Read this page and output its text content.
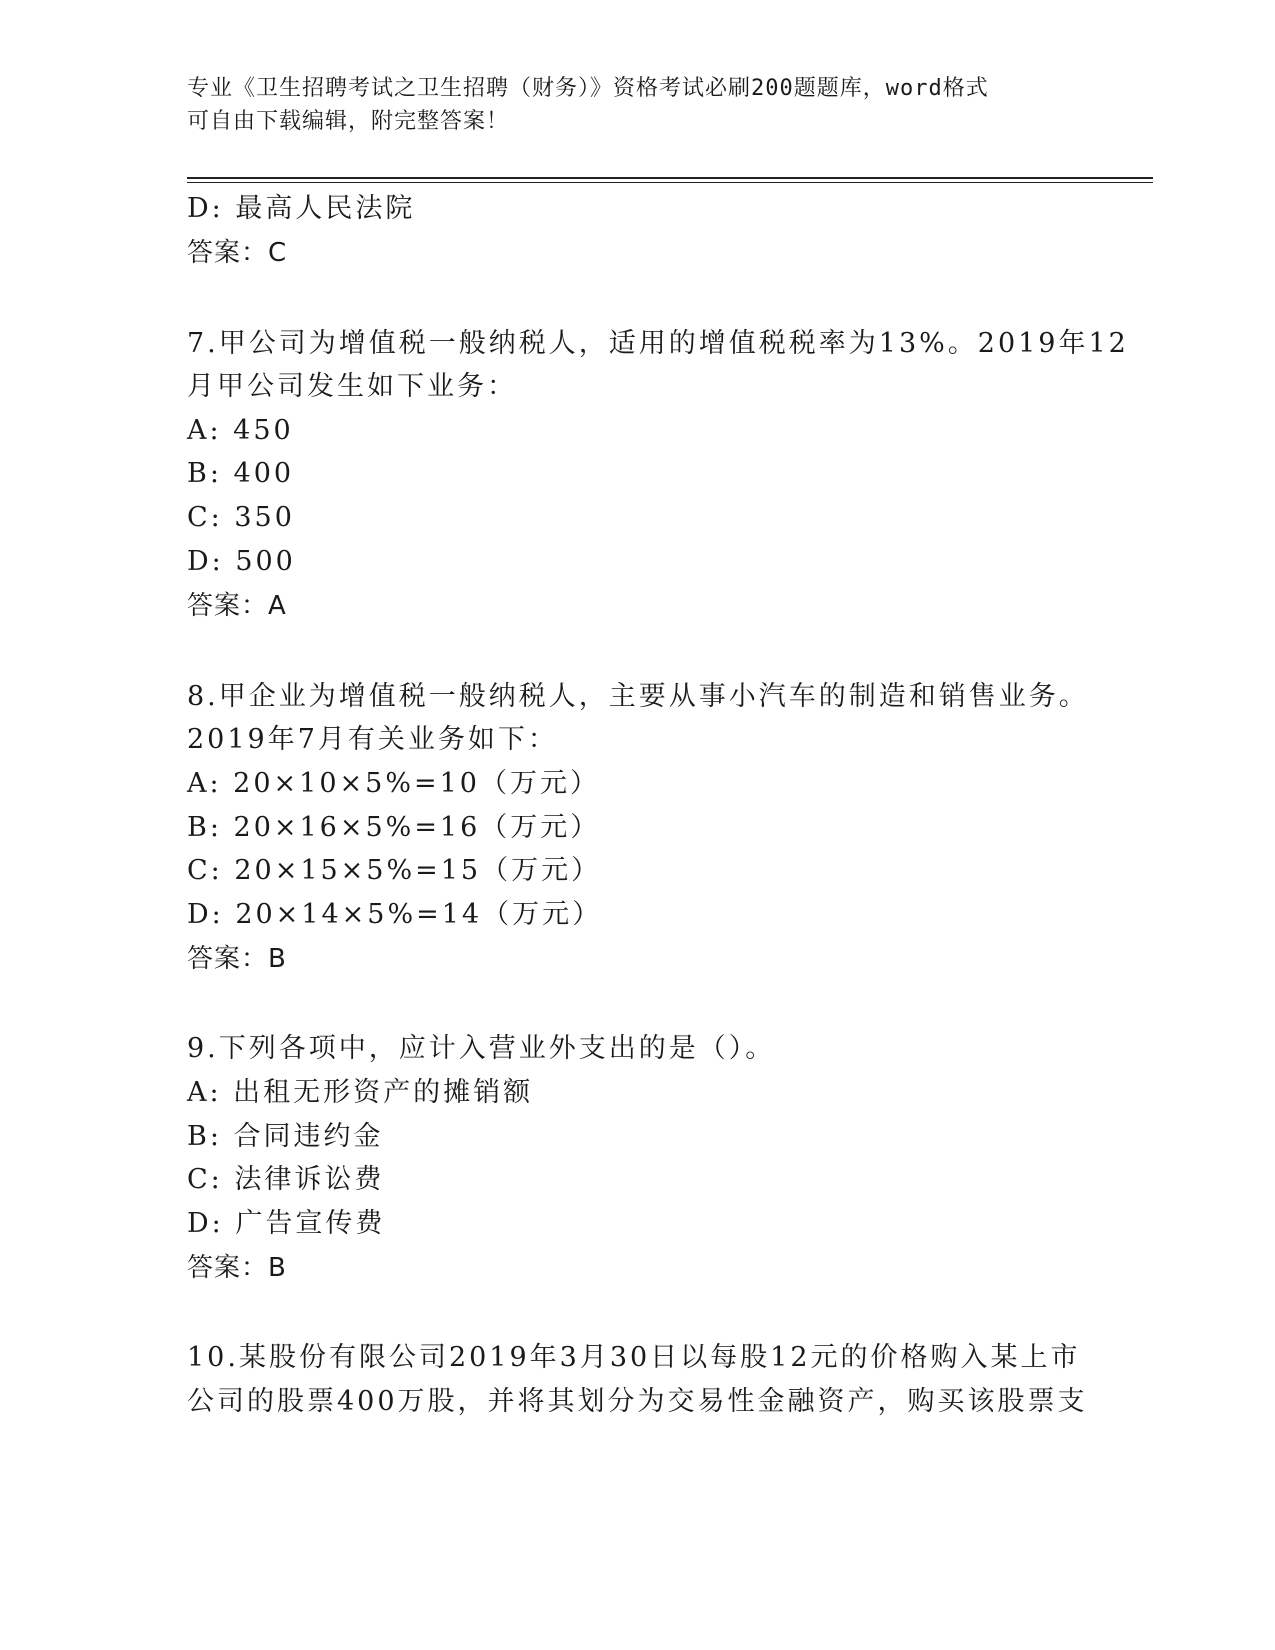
专业《卫生招聘考试之卫生招聘（财务）》资格考试必刷200题题库，word格式
可自由下载编辑，附完整答案！
D: 最高人民法院
答案：C
7.甲公司为增值税一般纳税人，适用的增值税税率为13%。2019年12
月甲公司发生如下业务：
A: 450
B: 400
C: 350
D: 500
答案：A
8.甲企业为增值税一般纳税人，主要从事小汽车的制造和销售业务。
2019年7月有关业务如下：
A: 20×10×5%=10（万元）
B: 20×16×5%=16（万元）
C: 20×15×5%=15（万元）
D: 20×14×5%=14（万元）
答案：B
9.下列各项中，应计入营业外支出的是（）。
A: 出租无形资产的摊销额
B: 合同违约金
C: 法律诉讼费
D: 广告宣传费
答案：B
10.某股份有限公司2019年3月30日以每股12元的价格购入某上市
公司的股票400万股，并将其划分为交易性金融资产，购买该股票支
